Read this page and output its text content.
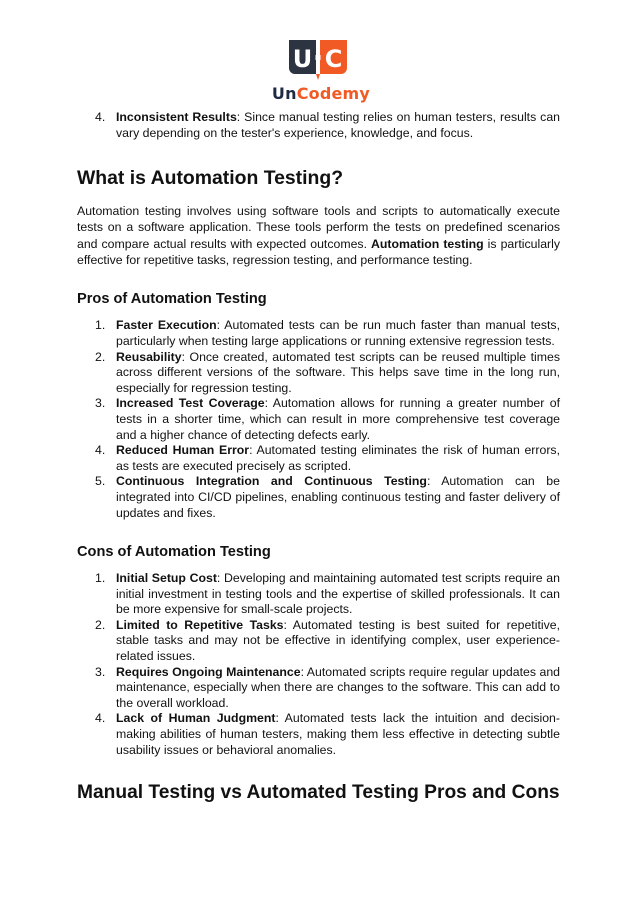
U C
UnCodemy
4. Inconsistent Results: Since manual testing relies on human testers, results can vary depending on the tester's experience, knowledge, and focus.
What is Automation Testing?

Automation testing involves using software tools and scripts to automatically execute tests on a software application. These tools perform the tests on predefined scenarios and compare actual results with expected outcomes. Automation testing is particularly effective for repetitive tasks, regression testing, and performance testing.

Pros of Automation Testing
1. Faster Execution: Automated tests can be run much faster than manual tests, particularly when testing large applications or running extensive regression tests.
2. Reusability: Once created, automated test scripts can be reused multiple times across different versions of the software. This helps save time in the long run, especially for regression testing.
3. Increased Test Coverage: Automation allows for running a greater number of tests in a shorter time, which can result in more comprehensive test coverage and a higher chance of detecting defects early.
4. Reduced Human Error: Automated testing eliminates the risk of human errors, as tests are executed precisely as scripted.
5. Continuous Integration and Continuous Testing: Automation can be integrated into CI/CD pipelines, enabling continuous testing and faster delivery of updates and fixes.
Cons of Automation Testing
1. Initial Setup Cost: Developing and maintaining automated test scripts require an initial investment in testing tools and the expertise of skilled professionals. It can be more expensive for small-scale projects.
2. Limited to Repetitive Tasks: Automated testing is best suited for repetitive, stable tasks and may not be effective in identifying complex, user experience-related issues.
3. Requires Ongoing Maintenance: Automated scripts require regular updates and maintenance, especially when there are changes to the software. This can add to the overall workload.
4. Lack of Human Judgment: Automated tests lack the intuition and decision-making abilities of human testers, making them less effective in detecting subtle usability issues or behavioral anomalies.
Manual Testing vs Automated Testing Pros and Cons
